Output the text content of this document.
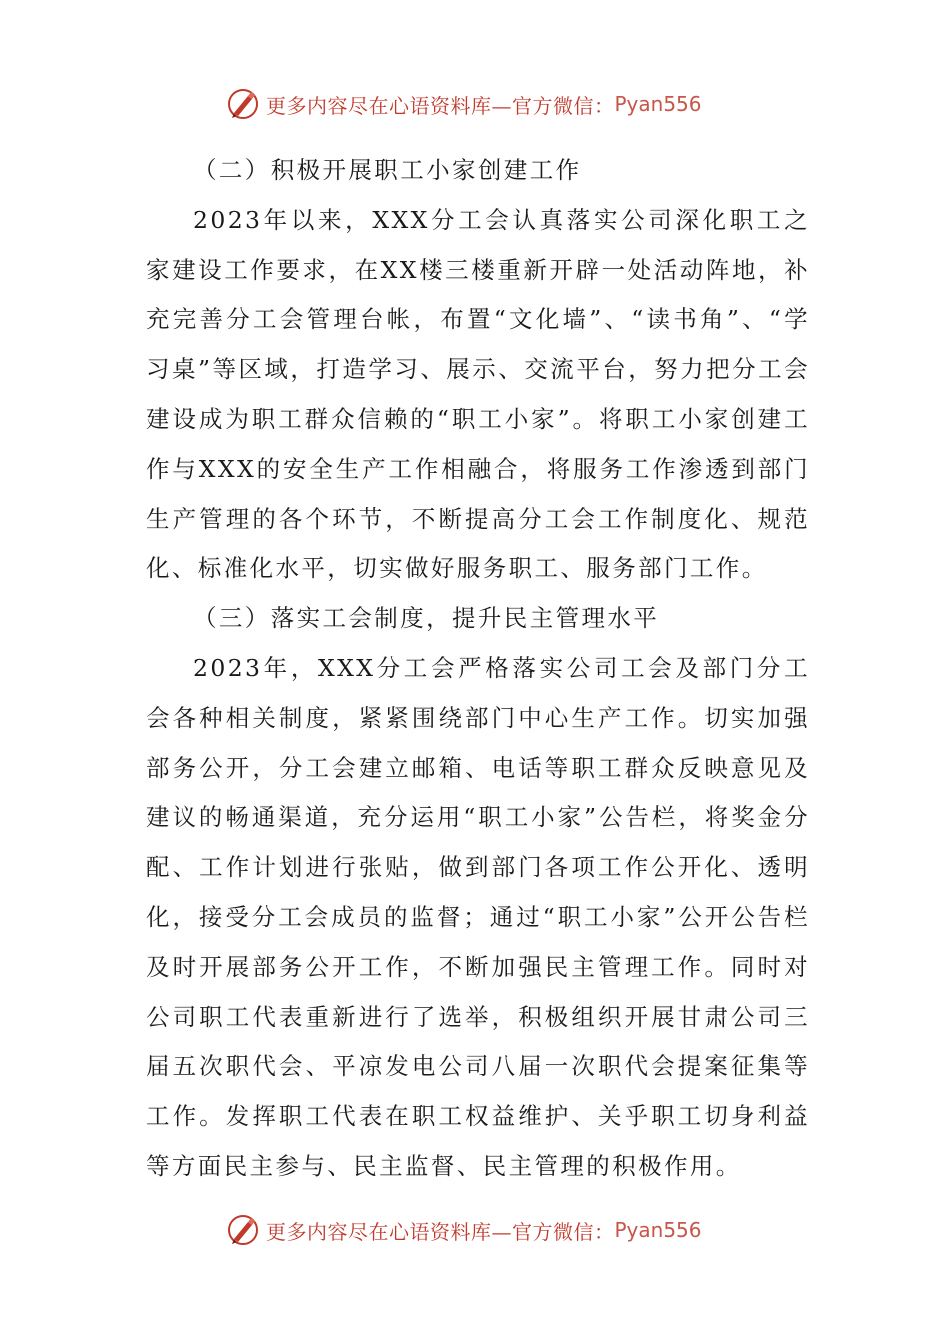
更多内容尽在心语资料库—官方微信： Pyan556

（二）积极开展职工小家创建工作

2023年以来，XXX分工会认真落实公司深化职工之家建设工作要求，在XX楼三楼重新开辟一处活动阵地，补充完善分工会管理台帐，布置“文化墙”、“读书角”、“学习桌”等区域，打造学习、展示、交流平台，努力把分工会建设成为职工群众信赖的“职工小家”。将职工小家创建工作与XXX的安全生产工作相融合，将服务工作渗透到部门生产管理的各个环节，不断提高分工会工作制度化、规范化、标准化水平，切实做好服务职工、服务部门工作。

（三）落实工会制度，提升民主管理水平

2023年，XXX分工会严格落实公司工会及部门分工会各种相关制度，紧紧围绕部门中心生产工作。切实加强部务公开，分工会建立邮箱、电话等职工群众反映意见及建议的畅通渠道，充分运用“职工小家”公告栏，将奖金分配、工作计划进行张贴，做到部门各项工作公开化、透明化，接受分工会成员的监督；通过“职工小家”公开公告栏及时开展部务公开工作，不断加强民主管理工作。同时对公司职工代表重新进行了选举，积极组织开展甘肃公司三届五次职代会、平凉发电公司八届一次职代会提案征集等工作。发挥职工代表在职工权益维护、关乎职工切身利益等方面民主参与、民主监督、民主管理的积极作用。

更多内容尽在心语资料库—官方微信： Pyan556
